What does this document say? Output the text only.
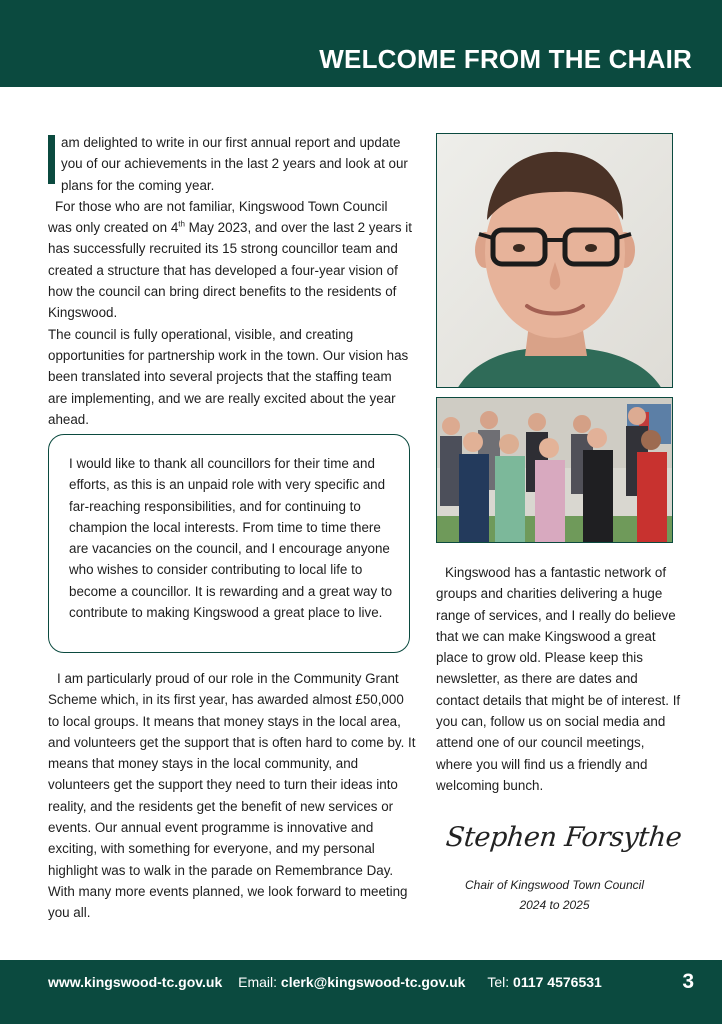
WELCOME FROM THE CHAIR

am delighted to write in our first annual report and update you of our achievements in the last 2 years and look at our plans for the coming year.

For those who are not familiar, Kingswood Town Council was only created on 4th May 2023, and over the last 2 years it has successfully recruited its 15 strong councillor team and created a structure that has developed a four-year vision of how the council can bring direct benefits to the residents of Kingswood.

The council is fully operational, visible, and creating opportunities for partnership work in the town. Our vision has been translated into several projects that the staffing team are implementing, and we are really excited about the year ahead.

I would like to thank all councillors for their time and efforts, as this is an unpaid role with very specific and far-reaching responsibilities, and for continuing to champion the local interests. From time to time there are vacancies on the council, and I encourage anyone who wishes to consider contributing to local life to become a councillor. It is rewarding and a great way to contribute to making Kingswood a great place to live.

I am particularly proud of our role in the Community Grant Scheme which, in its first year, has awarded almost £50,000 to local groups. It means that money stays in the local area, and volunteers get the support that is often hard to come by. It means that money stays in the local community, and volunteers get the support they need to turn their ideas into reality, and the residents get the benefit of new services or events. Our annual event programme is innovative and exciting, with something for everyone, and my personal highlight was to walk in the parade on Remembrance Day. With many more events planned, we look forward to meeting you all.

Kingswood has a fantastic network of groups and charities delivering a huge range of services, and I really do believe that we can make Kingswood a great place to grow old. Please keep this newsletter, as there are dates and contact details that might be of interest. If you can, follow us on social media and attend one of our council meetings, where you will find us a friendly and welcoming bunch.

Stephen Forsythe
Chair of Kingswood Town Council
2024 to 2025
www.kingswood-tc.gov.uk Email: clerk@kingswood-tc.gov.uk Tel: 0117 4576531	3
